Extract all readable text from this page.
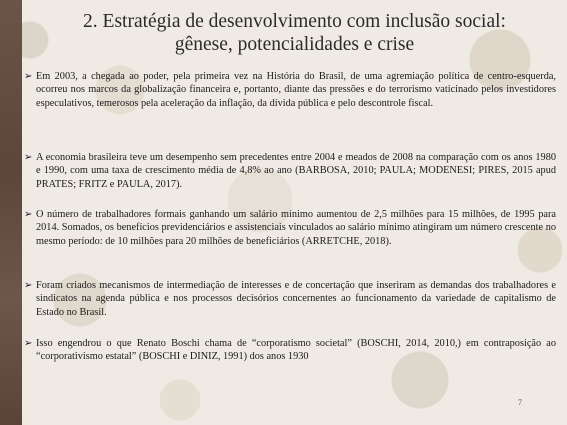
2. Estratégia de desenvolvimento com inclusão social:
gênese, potencialidades e crise
➢ Em 2003, a chegada ao poder, pela primeira vez na História do Brasil, de uma agremiação política de centro-esquerda, ocorreu nos marcos da globalização financeira e, portanto, diante das pressões e do terrorismo vaticinado pelos investidores especulativos, temerosos pela aceleração da inflação, da dívida pública e pelo descontrole fiscal.
➢ A economia brasileira teve um desempenho sem precedentes entre 2004 e meados de 2008 na comparação com os anos 1980 e 1990, com uma taxa de crescimento média de 4,8% ao ano (BARBOSA, 2010; PAULA; MODENESI; PIRES, 2015 apud PRATES; FRITZ e PAULA, 2017).
➢ O número de trabalhadores formais ganhando um salário mínimo aumentou de 2,5 milhões para 15 milhões, de 1995 para 2014. Somados, os benefícios previdenciários e assistenciais vinculados ao salário mínimo atingiram um número crescente no mesmo período: de 10 milhões para 20 milhões de beneficiários (ARRETCHE, 2018).
➢ Foram criados mecanismos de intermediação de interesses e de concertação que inseriram as demandas dos trabalhadores e sindicatos na agenda pública e nos processos decisórios concernentes ao funcionamento da variedade de capitalismo de Estado no Brasil.
➢ Isso engendrou o que Renato Boschi chama de “corporatismo societal” (BOSCHI, 2014, 2010,) em contraposição ao “corporativismo estatal” (BOSCHI e DINIZ, 1991) dos anos 1930
7
